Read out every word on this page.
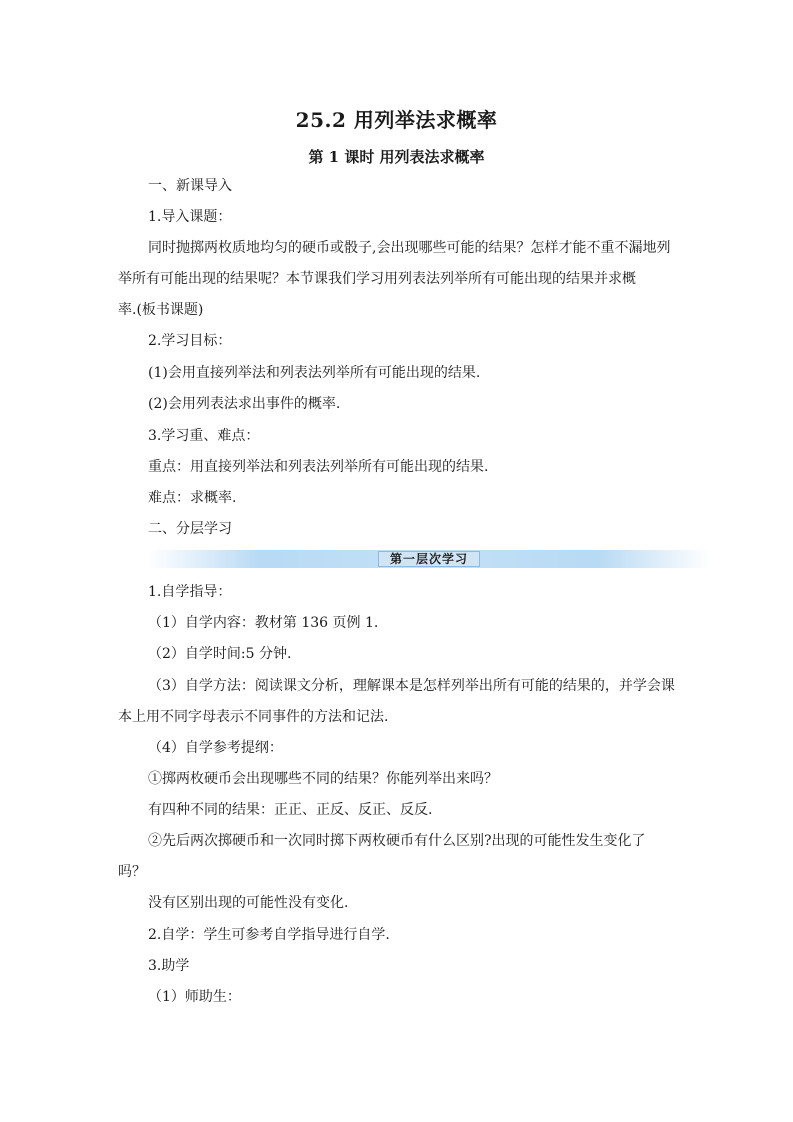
25.2 用列举法求概率
第 1 课时 用列表法求概率
一、新课导入
1.导入课题：
同时抛掷两枚质地均匀的硬币或骰子,会出现哪些可能的结果？怎样才能不重不漏地列
举所有可能出现的结果呢？本节课我们学习用列表法列举所有可能出现的结果并求概
率.(板书课题)
2.学习目标：
(1)会用直接列举法和列表法列举所有可能出现的结果.
(2)会用列表法求出事件的概率.
3.学习重、难点：
重点：用直接列举法和列表法列举所有可能出现的结果.
难点：求概率.
二、分层学习
第一层次学习
1.自学指导：
（1）自学内容：教材第 136 页例 1.
（2）自学时间:5 分钟.
（3）自学方法：阅读课文分析，理解课本是怎样列举出所有可能的结果的，并学会课
本上用不同字母表示不同事件的方法和记法.
（4）自学参考提纲：
①掷两枚硬币会出现哪些不同的结果？你能列举出来吗？
有四种不同的结果：正正、正反、反正、反反.
②先后两次掷硬币和一次同时掷下两枚硬币有什么区别?出现的可能性发生变化了
吗？
没有区别出现的可能性没有变化.
2.自学：学生可参考自学指导进行自学.
3.助学
（1）师助生：
